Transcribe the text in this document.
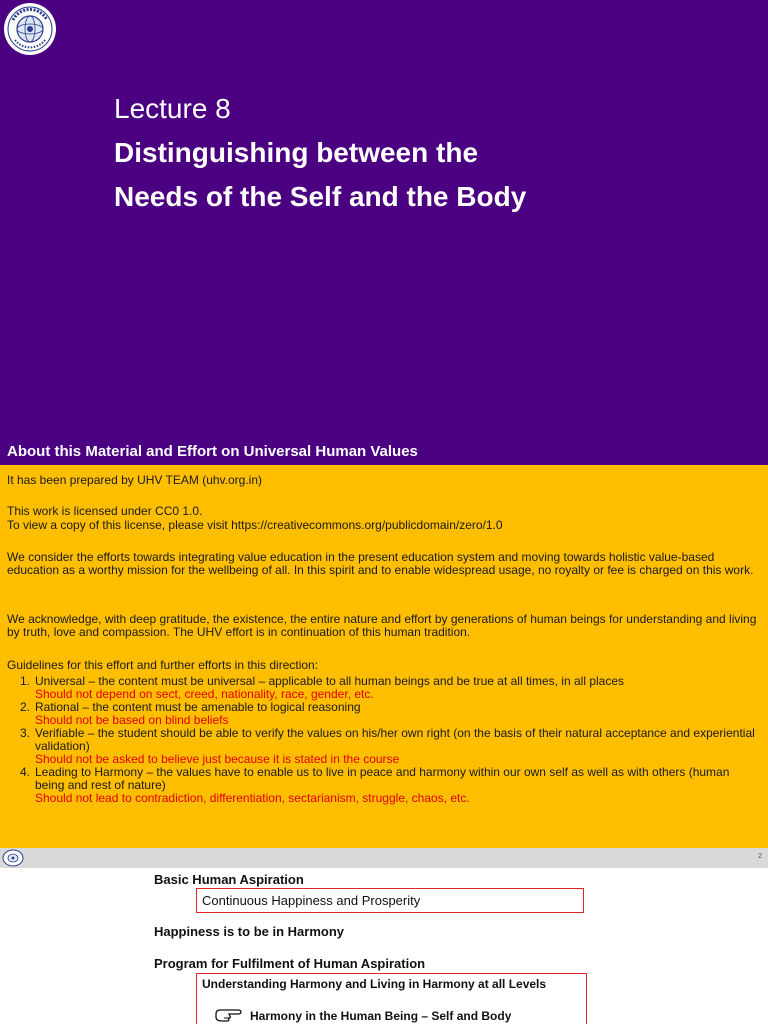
Lecture 8
Distinguishing between the
Needs of the Self and the Body
About this Material and Effort on Universal Human Values
It has been prepared by UHV TEAM (uhv.org.in)
This work is licensed under CC0 1.0.
To view a copy of this license, please visit https://creativecommons.org/publicdomain/zero/1.0
We consider the efforts towards integrating value education in the present education system and moving towards holistic value-based education as a worthy mission for the wellbeing of all. In this spirit and to enable widespread usage, no royalty or fee is charged on this work.
We acknowledge, with deep gratitude, the existence, the entire nature and effort by generations of human beings for understanding and living by truth, love and compassion. The UHV effort is in continuation of this human tradition.
Guidelines for this effort and further efforts in this direction:
1. Universal – the content must be universal – applicable to all human beings and be true at all times, in all places
Should not depend on sect, creed, nationality, race, gender, etc.
2. Rational – the content must be amenable to logical reasoning
Should not be based on blind beliefs
3. Verifiable – the student should be able to verify the values on his/her own right (on the basis of their natural acceptance and experiential validation)
Should not be asked to believe just because it is stated in the course
4. Leading to Harmony – the values have to enable us to live in peace and harmony within our own self as well as with others (human being and rest of nature)
Should not lead to contradiction, differentiation, sectarianism, struggle, chaos, etc.
2
Basic Human Aspiration
Continuous Happiness and Prosperity
Happiness is to be in Harmony
Program for Fulfilment of Human Aspiration
Understanding Harmony and Living in Harmony at all Levels
Harmony in the Human Being – Self and Body
